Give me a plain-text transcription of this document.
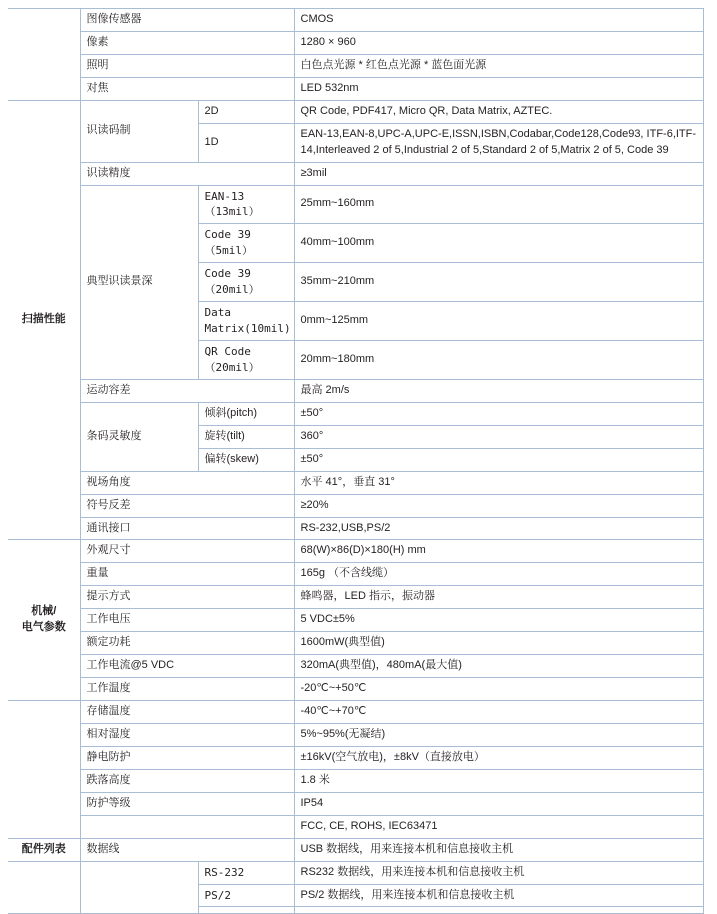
	图像传感器		CMOS
	像素		1280 × 960
	照明		白色点光源 * 红色点光源 * 蓝色面光源
	对焦		LED 532nm
扫描性能	识读码制	2D	QR Code, PDF417, Micro QR, Data Matrix, AZTEC.
		1D	EAN-13,EAN-8,UPC-A,UPC-E,ISSN,ISBN,Codabar,Code128,Code93, ITF-6,ITF-14,Interleaved 2 of 5,Industrial 2 of 5,Standard 2 of 5,Matrix 2 of 5, Code 39
	识读精度		≥3mil
	典型识读景深	EAN-13（13mil）	25mm~160mm
		Code 39（5mil）	40mm~100mm
		Code 39（20mil）	35mm~210mm
		Data Matrix(10mil)	0mm~125mm
		QR Code （20mil）	20mm~180mm
	运动容差		最高 2m/s
	条码灵敏度	倾斜(pitch)	±50°
		旋转(tilt)	360°
		偏转(skew)	±50°
	视场角度		水平 41°，垂直 31°
	符号反差		≥20%
	通讯接口		RS-232,USB,PS/2
机械/
电气参数	外观尺寸		68(W)×86(D)×180(H) mm
	重量		165g （不含线缆）
	提示方式		蜂鸣器，LED 指示，振动器
	工作电压		5 VDC±5%
	额定功耗		1600mW(典型值)
	工作电流@5 VDC		320mA(典型值)，480mA(最大值)
	工作温度		-20℃~+50℃
	存储温度		-40℃~+70℃
	相对湿度		5%~95%(无凝结)
	静电防护		±16kV(空气放电)，±8kV（直接放电）
	跌落高度		1.8 米
	防护等级		IP54
			FCC, CE, ROHS, IEC63471
配件列表	数据线		USB 数据线，用来连接本机和信息接收主机
		RS-232	RS232 数据线，用来连接本机和信息接收主机
		PS/2	PS/2 数据线，用来连接本机和信息接收主机
